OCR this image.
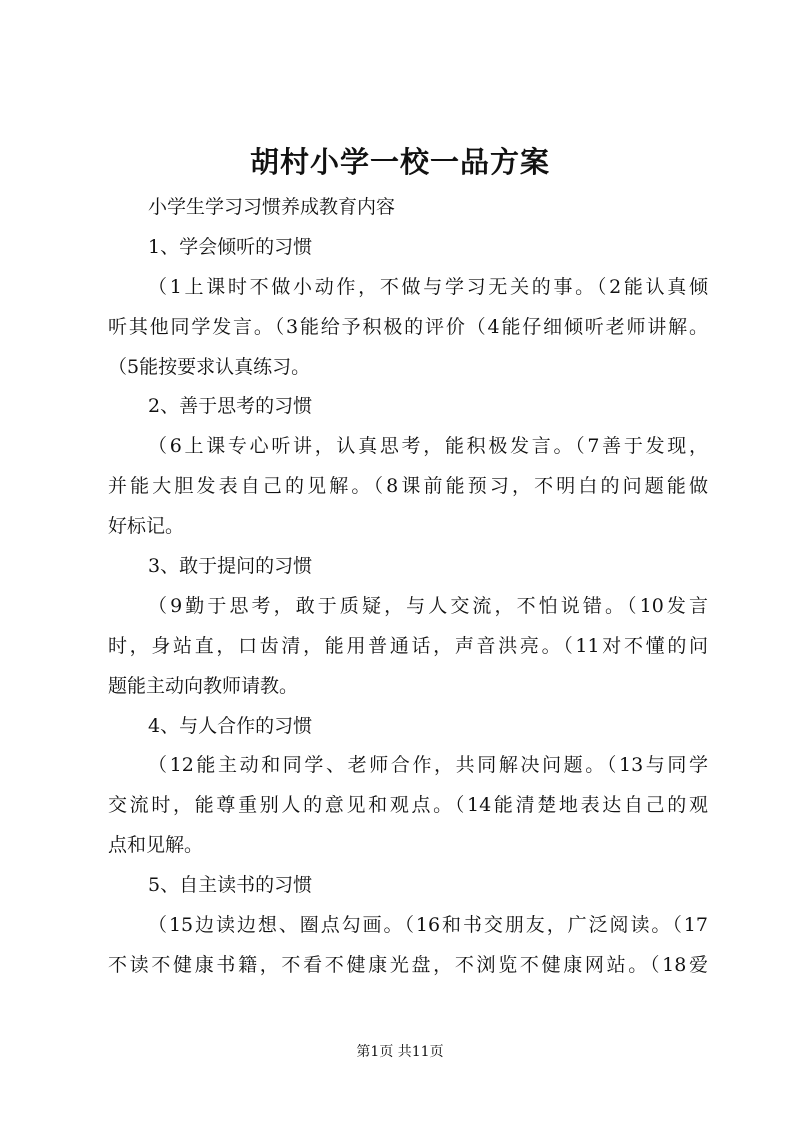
胡村小学一校一品方案
小学生学习习惯养成教育内容
1、学会倾听的习惯
（1上课时不做小动作，不做与学习无关的事。（2能认真倾
听其他同学发言。（3能给予积极的评价（4能仔细倾听老师讲解。
（5能按要求认真练习。
2、善于思考的习惯
（6上课专心听讲，认真思考，能积极发言。（7善于发现，
并能大胆发表自己的见解。（8课前能预习，不明白的问题能做
好标记。
3、敢于提问的习惯
（9勤于思考，敢于质疑，与人交流，不怕说错。（10发言
时，身站直，口齿清，能用普通话，声音洪亮。（11对不懂的问
题能主动向教师请教。
4、与人合作的习惯
（12能主动和同学、老师合作，共同解决问题。（13与同学
交流时，能尊重别人的意见和观点。（14能清楚地表达自己的观
点和见解。
5、自主读书的习惯
（15边读边想、圈点勾画。（16和书交朋友，广泛阅读。（17
不读不健康书籍，不看不健康光盘，不浏览不健康网站。（18爱
第1页 共11页
